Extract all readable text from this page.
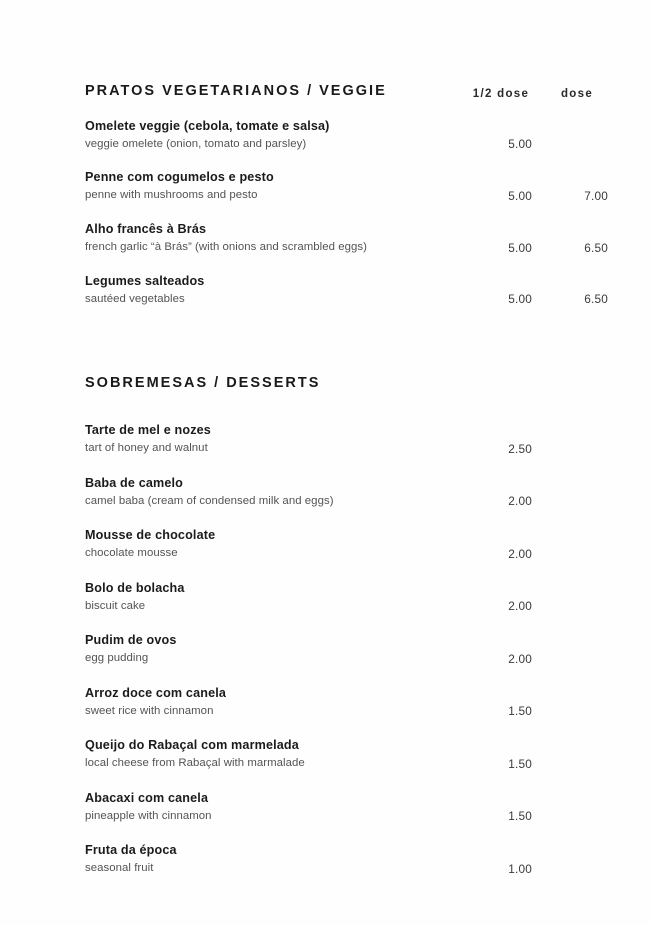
PRATOS VEGETARIANOS / VEGGIE	1/2 dose	dose
Omelete veggie (cebola, tomate e salsa)
veggie omelete (onion, tomato and parsley)	5.00
Penne com cogumelos e pesto
penne with mushrooms and pesto	5.00	7.00
Alho francês à Brás
french garlic “à Brás” (with onions and scrambled eggs)	5.00	6.50
Legumes salteados
sautéed vegetables	5.00	6.50
SOBREMESAS / DESSERTS
Tarte de mel e nozes
tart of honey and walnut	2.50
Baba de camelo
camel baba (cream of condensed milk and eggs)	2.00
Mousse de chocolate
chocolate mousse	2.00
Bolo de bolacha
biscuit cake	2.00
Pudim de ovos
egg pudding	2.00
Arroz doce com canela
sweet rice with cinnamon	1.50
Queijo do Rabaçal com marmelada
local cheese from Rabaçal with marmalade	1.50
Abacaxi com canela
pineapple with cinnamon	1.50
Fruta da época
seasonal fruit	1.00
